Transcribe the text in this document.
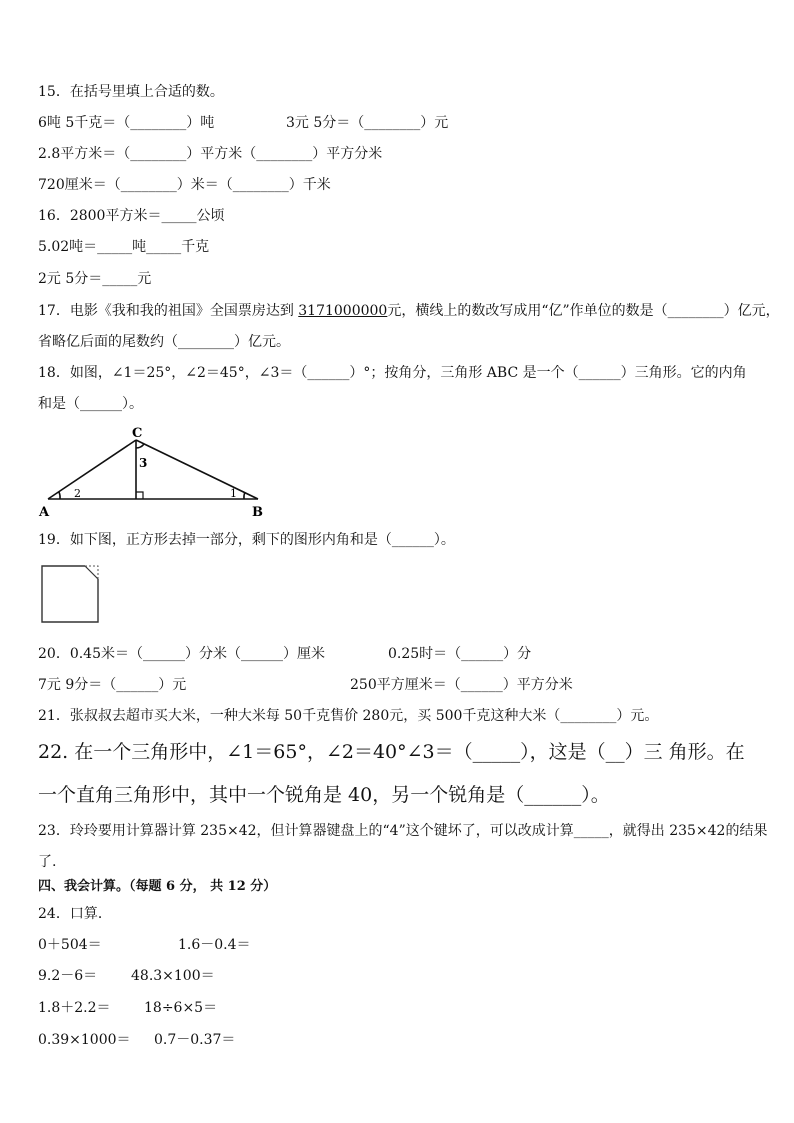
15．在括号里填上合适的数。
6吨 5千克＝（________）吨	3元 5分＝（________）元
2.8平方米＝（________）平方米（________）平方分米
720厘米＝（________）米＝（________）千米
16．2800平方米＝_____公顷
5.02吨＝_____吨_____千克
2元 5分＝_____元
17．电影《我和我的祖国》全国票房达到 3171000000元，横线上的数改写成用“亿”作单位的数是（________）亿元，
省略亿后面的尾数约（________）亿元。
18．如图，∠1＝25°，∠2＝45°，∠3＝（______）°；按角分，三角形 ABC 是一个（______）三角形。它的内角
和是（______）。
C
A	B
3
2	1
19．如下图，正方形去掉一部分，剩下的图形内角和是（______）。
20．0.45米＝（______）分米（______）厘米	0.25时＝（______）分
7元 9分＝（______）元	250平方厘米＝（______）平方分米
21．张叔叔去超市买大米，一种大米每 50千克售价 280元，买 500千克这种大米（________）元。
22. 在一个三角形中，∠1＝65°，∠2＝40°∠3＝（_____），这是（__）三 角形。在
一个直角三角形中，其中一个锐角是 40，另一个锐角是（______）。
23．玲玲要用计算器计算 235×42，但计算器键盘上的“4”这个键坏了，可以改成计算_____，就得出 235×42的结果
了.
四、我会计算。（每题 6 分， 共 12 分）
24．口算．
0＋504＝	1.6－0.4＝
9.2－6＝ 48.3×100＝
1.8＋2.2＝ 18÷6×5＝
0.39×1000＝ 0.7－0.37＝
